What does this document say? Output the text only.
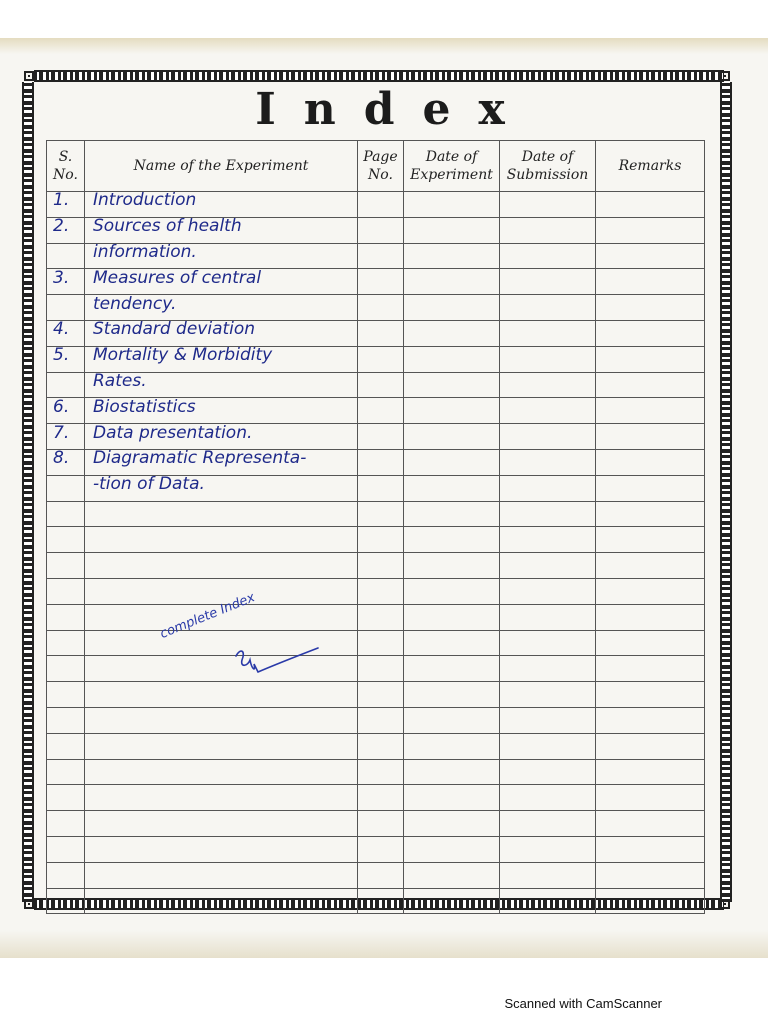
Index
S. No.	Name of the Experiment	Page No.	Date of Experiment	Date of Submission	Remarks
1.	Introduction				
2.	Sources of health				
	information.				
3.	Measures of central				
	tendency.				
4.	Standard deviation				
5.	Mortality & Morbidity				
	Rates.				
6.	Biostatistics				
7.	Data presentation.				
8.	Diagramatic Representa-				
	-tion of Data.				

complete Index
Scanned with CamScanner
